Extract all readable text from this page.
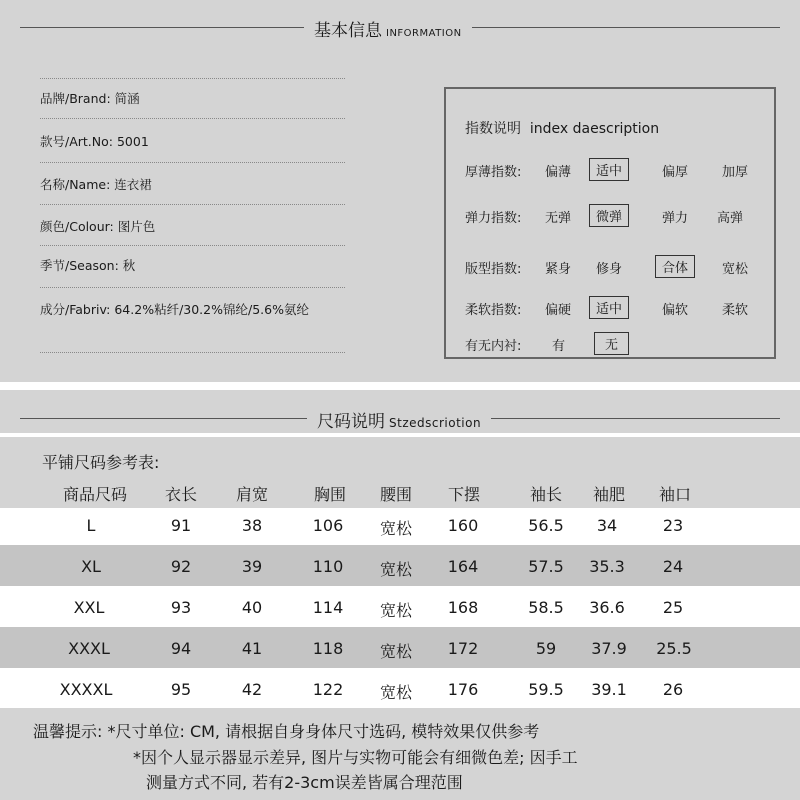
基本信息 INFORMATION
品牌/Brand: 简涵
款号/Art.No: 5001
名称/Name: 连衣裙
颜色/Colour: 图片色
季节/Season: 秋
成分/Fabriv: 64.2%粘纤/30.2%锦纶/5.6%氨纶
指数说明  index daescription
厚薄指数: 偏薄	适中	偏厚	加厚
弹力指数: 无弹	微弹	弹力 高弹
版型指数: 紧身 修身	合体	宽松
柔软指数: 偏硬	适中	偏软	柔软
有无内衬: 有	无
尺码说明 Stzedscriotion
平铺尺码参考表:
商品尺码 衣长 肩宽	胸围 腰围 下摆	袖长 袖肥 袖口
L	91	38	106 宽松 160	56.5 34	23
XL	92	39	110 宽松 164	57.5 35.3 24
XXL	93	40	114 宽松 168	58.5 36.6 25
XXXL	94	41	118 宽松 172	59 37.9 25.5
XXXXL	95	42	122 宽松 176	59.5 39.1 26
温馨提示: *尺寸单位: CM, 请根据自身身体尺寸选码, 模特效果仅供参考
*因个人显示器显示差异, 图片与实物可能会有细微色差; 因手工
测量方式不同, 若有2-3cm误差皆属合理范围
